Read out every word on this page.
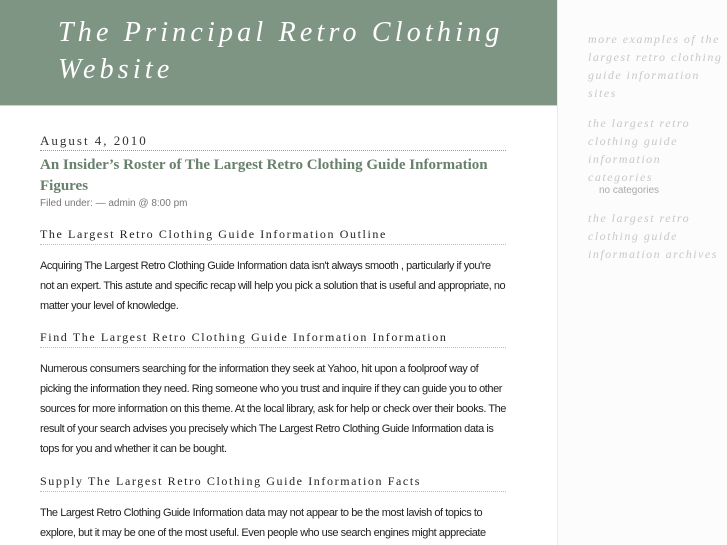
The Principal Retro Clothing Website
August 4, 2010
An Insider’s Roster of The Largest Retro Clothing Guide Information Figures
Filed under: — admin @ 8:00 pm
The Largest Retro Clothing Guide Information Outline

Acquiring The Largest Retro Clothing Guide Information data isn't always smooth , particularly if you're not an expert. This astute and specific recap will help you pick a solution that is useful and appropriate, no matter your level of knowledge.

Find The Largest Retro Clothing Guide Information Information

Numerous consumers searching for the information they seek at Yahoo, hit upon a foolproof way of picking the information they need. Ring someone who you trust and inquire if they can guide you to other sources for more information on this theme. At the local library, ask for help or check over their books. The result of your search advises you precisely which The Largest Retro Clothing Guide Information data is tops for you and whether it can be bought.

Supply The Largest Retro Clothing Guide Information Facts

The Largest Retro Clothing Guide Information data may not appear to be the most lavish of topics to explore, but it may be one of the most useful. Even people who use search engines might appreciate

more examples of the largest retro clothing guide information sites
the largest retro clothing guide information categories
no categories
the largest retro clothing guide information archives
